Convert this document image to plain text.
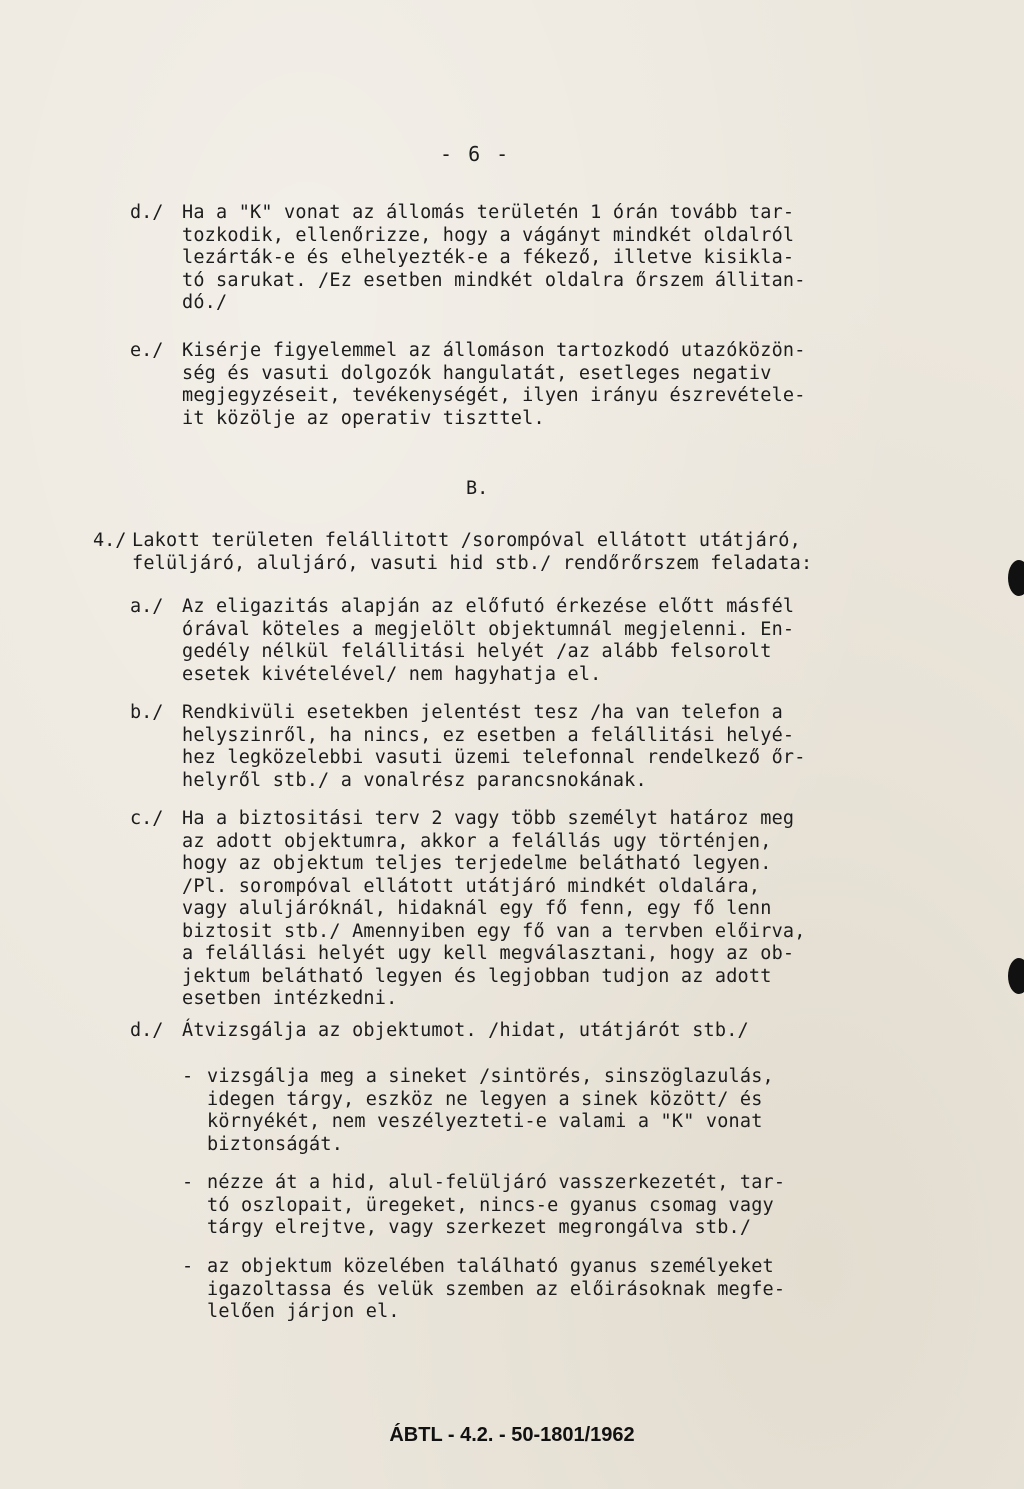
- 6 -
d./ Ha a "K" vonat az állomás területén 1 órán tovább tar-
tozkodik, ellenőrizze, hogy a vágányt mindkét oldalról
lezárták-e és elhelyezték-e a fékező, illetve kisikla-
tó sarukat. /Ez esetben mindkét oldalra őrszem állitan-
dó./
e./ Kisérje figyelemmel az állomáson tartozkodó utazóközön-
ség és vasuti dolgozók hangulatát, esetleges negativ
megjegyzéseit, tevékenységét, ilyen irányu észrevétele-
it közölje az operativ tiszttel.
B.
4./ Lakott területen felállitott /sorompóval ellátott utátjáró,
felüljáró, aluljáró, vasuti hid stb./ rendőrőrszem feladata:
a./ Az eligazitás alapján az előfutó érkezése előtt másfél
órával köteles a megjelölt objektumnál megjelenni. En-
gedély nélkül felállitási helyét /az alább felsorolt
esetek kivételével/ nem hagyhatja el.
b./ Rendkivüli esetekben jelentést tesz /ha van telefon a
helyszinről, ha nincs, ez esetben a felállitási helyé-
hez legközelebbi vasuti üzemi telefonnal rendelkező őr-
helyről stb./ a vonalrész parancsnokának.
c./ Ha a biztositási terv 2 vagy több személyt határoz meg
az adott objektumra, akkor a felállás ugy történjen,
hogy az objektum teljes terjedelme belátható legyen.
/Pl. sorompóval ellátott utátjáró mindkét oldalára,
vagy aluljáróknál, hidaknál egy fő fenn, egy fő lenn
biztosit stb./ Amennyiben egy fő van a tervben előirva,
a felállási helyét ugy kell megválasztani, hogy az ob-
jektum belátható legyen és legjobban tudjon az adott
esetben intézkedni.
d./ Átvizsgálja az objektumot. /hidat, utátjárót stb./
- vizsgálja meg a sineket /sintörés, sinszöglazulás,
idegen tárgy, eszköz ne legyen a sinek között/ és
környékét, nem veszélyezteti-e valami a "K" vonat
biztonságát.
- nézze át a hid, alul-felüljáró vasszerkezetét, tar-
tó oszlopait, üregeket, nincs-e gyanus csomag vagy
tárgy elrejtve, vagy szerkezet megrongálva stb./
- az objektum közelében található gyanus személyeket
igazoltassa és velük szemben az előirásoknak megfe-
lelően járjon el.
ÁBTL - 4.2. - 50-1801/1962
